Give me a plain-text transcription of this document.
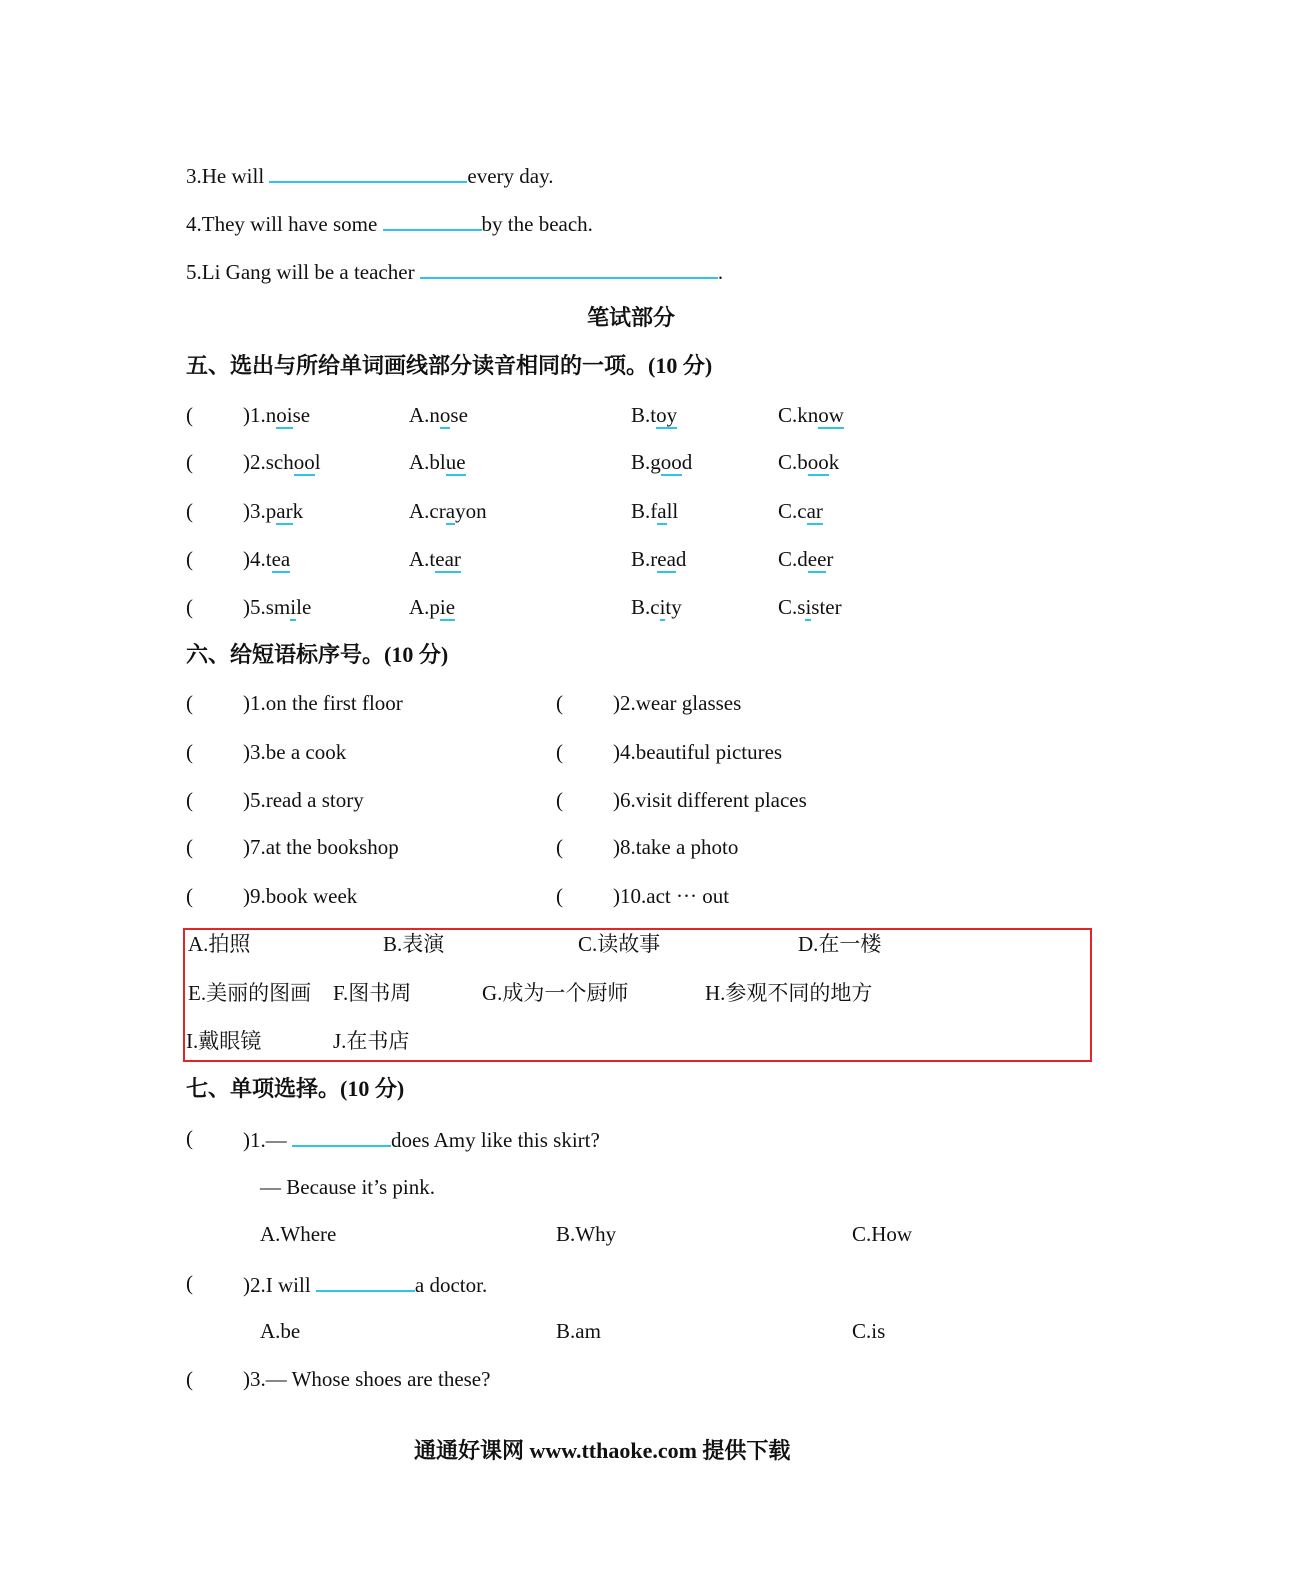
3.He will	every day.
4.They will have some	by the beach.
5.Li Gang will be a teacher	.
笔试部分
五、选出与所给单词画线部分读音相同的一项。(10 分)
( )1.noise	A.nose	B.toy	C.know
( )2.school	A.blue	B.good	C.book
( )3.park	A.crayon	B.fall	C.car
( )4.tea	A.tear	B.read	C.deer
( )5.smile	A.pie	B.city	C.sister
六、给短语标序号。(10 分)
( )1.on the first floor	( )2.wear glasses
( )3.be a cook	( )4.beautiful pictures
( )5.read a story	( )6.visit different places
( )7.at the bookshop	( )8.take a photo
( )9.book week	( )10.act ··· out
A.拍照	B.表演	C.读故事	D.在一楼
E.美丽的图画 F.图书周	G.成为一个厨师	H.参观不同的地方
I.戴眼镜	J.在书店
七、单项选择。(10 分)
( )1.—	does Amy like this skirt?
— Because it’s pink.
A.Where	B.Why	C.How
( )2.I will	a doctor.
A.be	B.am	C.is
( )3.— Whose shoes are these?
通通好课网 www.tthaoke.com 提供下载
